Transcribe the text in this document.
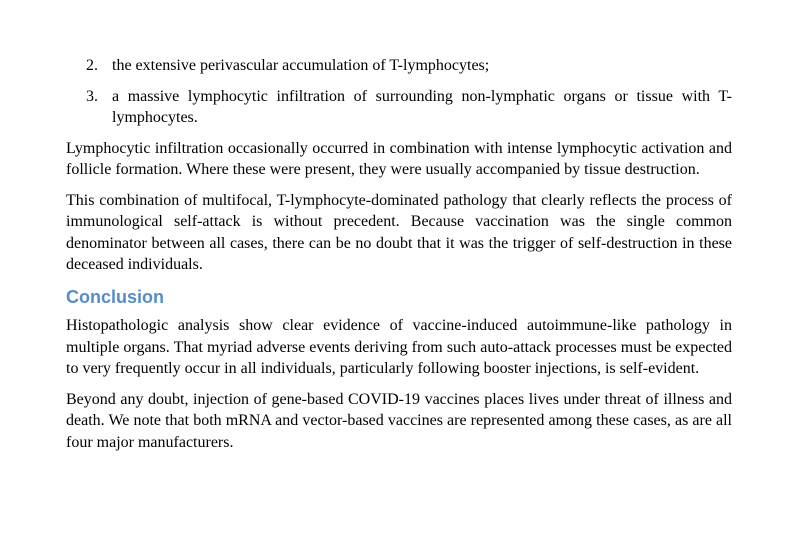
2. the extensive perivascular accumulation of T-lymphocytes;
3. a massive lymphocytic infiltration of surrounding non-lymphatic organs or tissue with T-lymphocytes.

Lymphocytic infiltration occasionally occurred in combination with intense lymphocytic activation and follicle formation. Where these were present, they were usually accompanied by tissue destruction.

This combination of multifocal, T-lymphocyte-dominated pathology that clearly reflects the process of immunological self-attack is without precedent. Because vaccination was the single common denominator between all cases, there can be no doubt that it was the trigger of self-destruction in these deceased individuals.

Conclusion

Histopathologic analysis show clear evidence of vaccine-induced autoimmune-like pathology in multiple organs. That myriad adverse events deriving from such auto-attack processes must be expected to very frequently occur in all individuals, particularly following booster injections, is self-evident.

Beyond any doubt, injection of gene-based COVID-19 vaccines places lives under threat of illness and death. We note that both mRNA and vector-based vaccines are represented among these cases, as are all four major manufacturers.
